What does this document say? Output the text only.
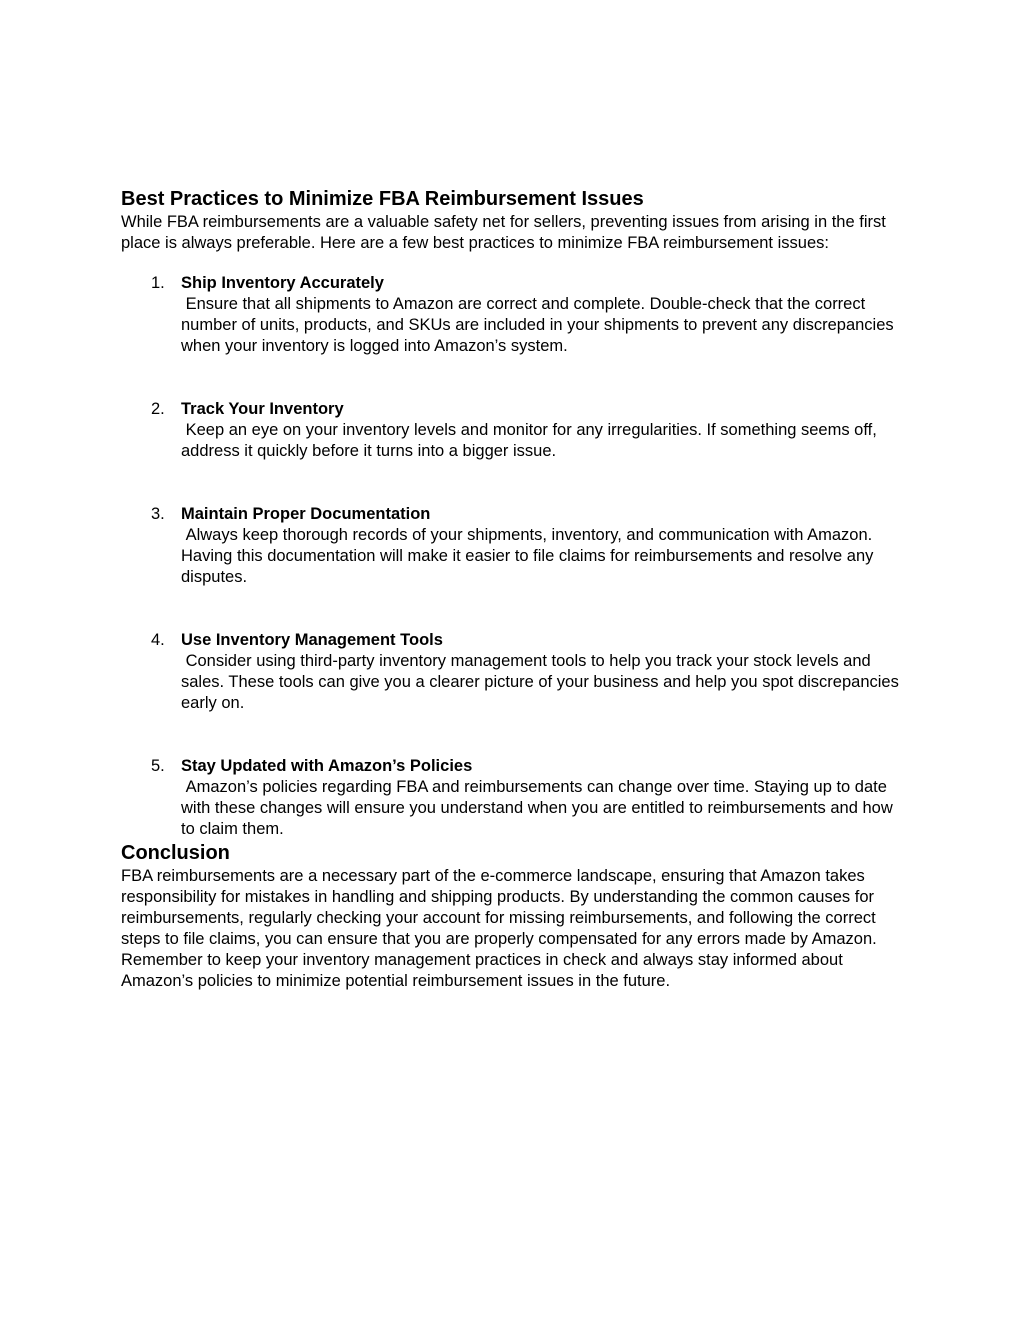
Best Practices to Minimize FBA Reimbursement Issues

While FBA reimbursements are a valuable safety net for sellers, preventing issues from arising in the first place is always preferable. Here are a few best practices to minimize FBA reimbursement issues:

1. Ship Inventory Accurately
Ensure that all shipments to Amazon are correct and complete. Double-check that the correct number of units, products, and SKUs are included in your shipments to prevent any discrepancies when your inventory is logged into Amazon’s system.
2. Track Your Inventory
Keep an eye on your inventory levels and monitor for any irregularities. If something seems off, address it quickly before it turns into a bigger issue.
3. Maintain Proper Documentation
Always keep thorough records of your shipments, inventory, and communication with Amazon. Having this documentation will make it easier to file claims for reimbursements and resolve any disputes.
4. Use Inventory Management Tools
Consider using third-party inventory management tools to help you track your stock levels and sales. These tools can give you a clearer picture of your business and help you spot discrepancies early on.
5. Stay Updated with Amazon’s Policies
Amazon’s policies regarding FBA and reimbursements can change over time. Staying up to date with these changes will ensure you understand when you are entitled to reimbursements and how to claim them.
Conclusion

FBA reimbursements are a necessary part of the e-commerce landscape, ensuring that Amazon takes responsibility for mistakes in handling and shipping products. By understanding the common causes for reimbursements, regularly checking your account for missing reimbursements, and following the correct steps to file claims, you can ensure that you are properly compensated for any errors made by Amazon. Remember to keep your inventory management practices in check and always stay informed about Amazon’s policies to minimize potential reimbursement issues in the future.
